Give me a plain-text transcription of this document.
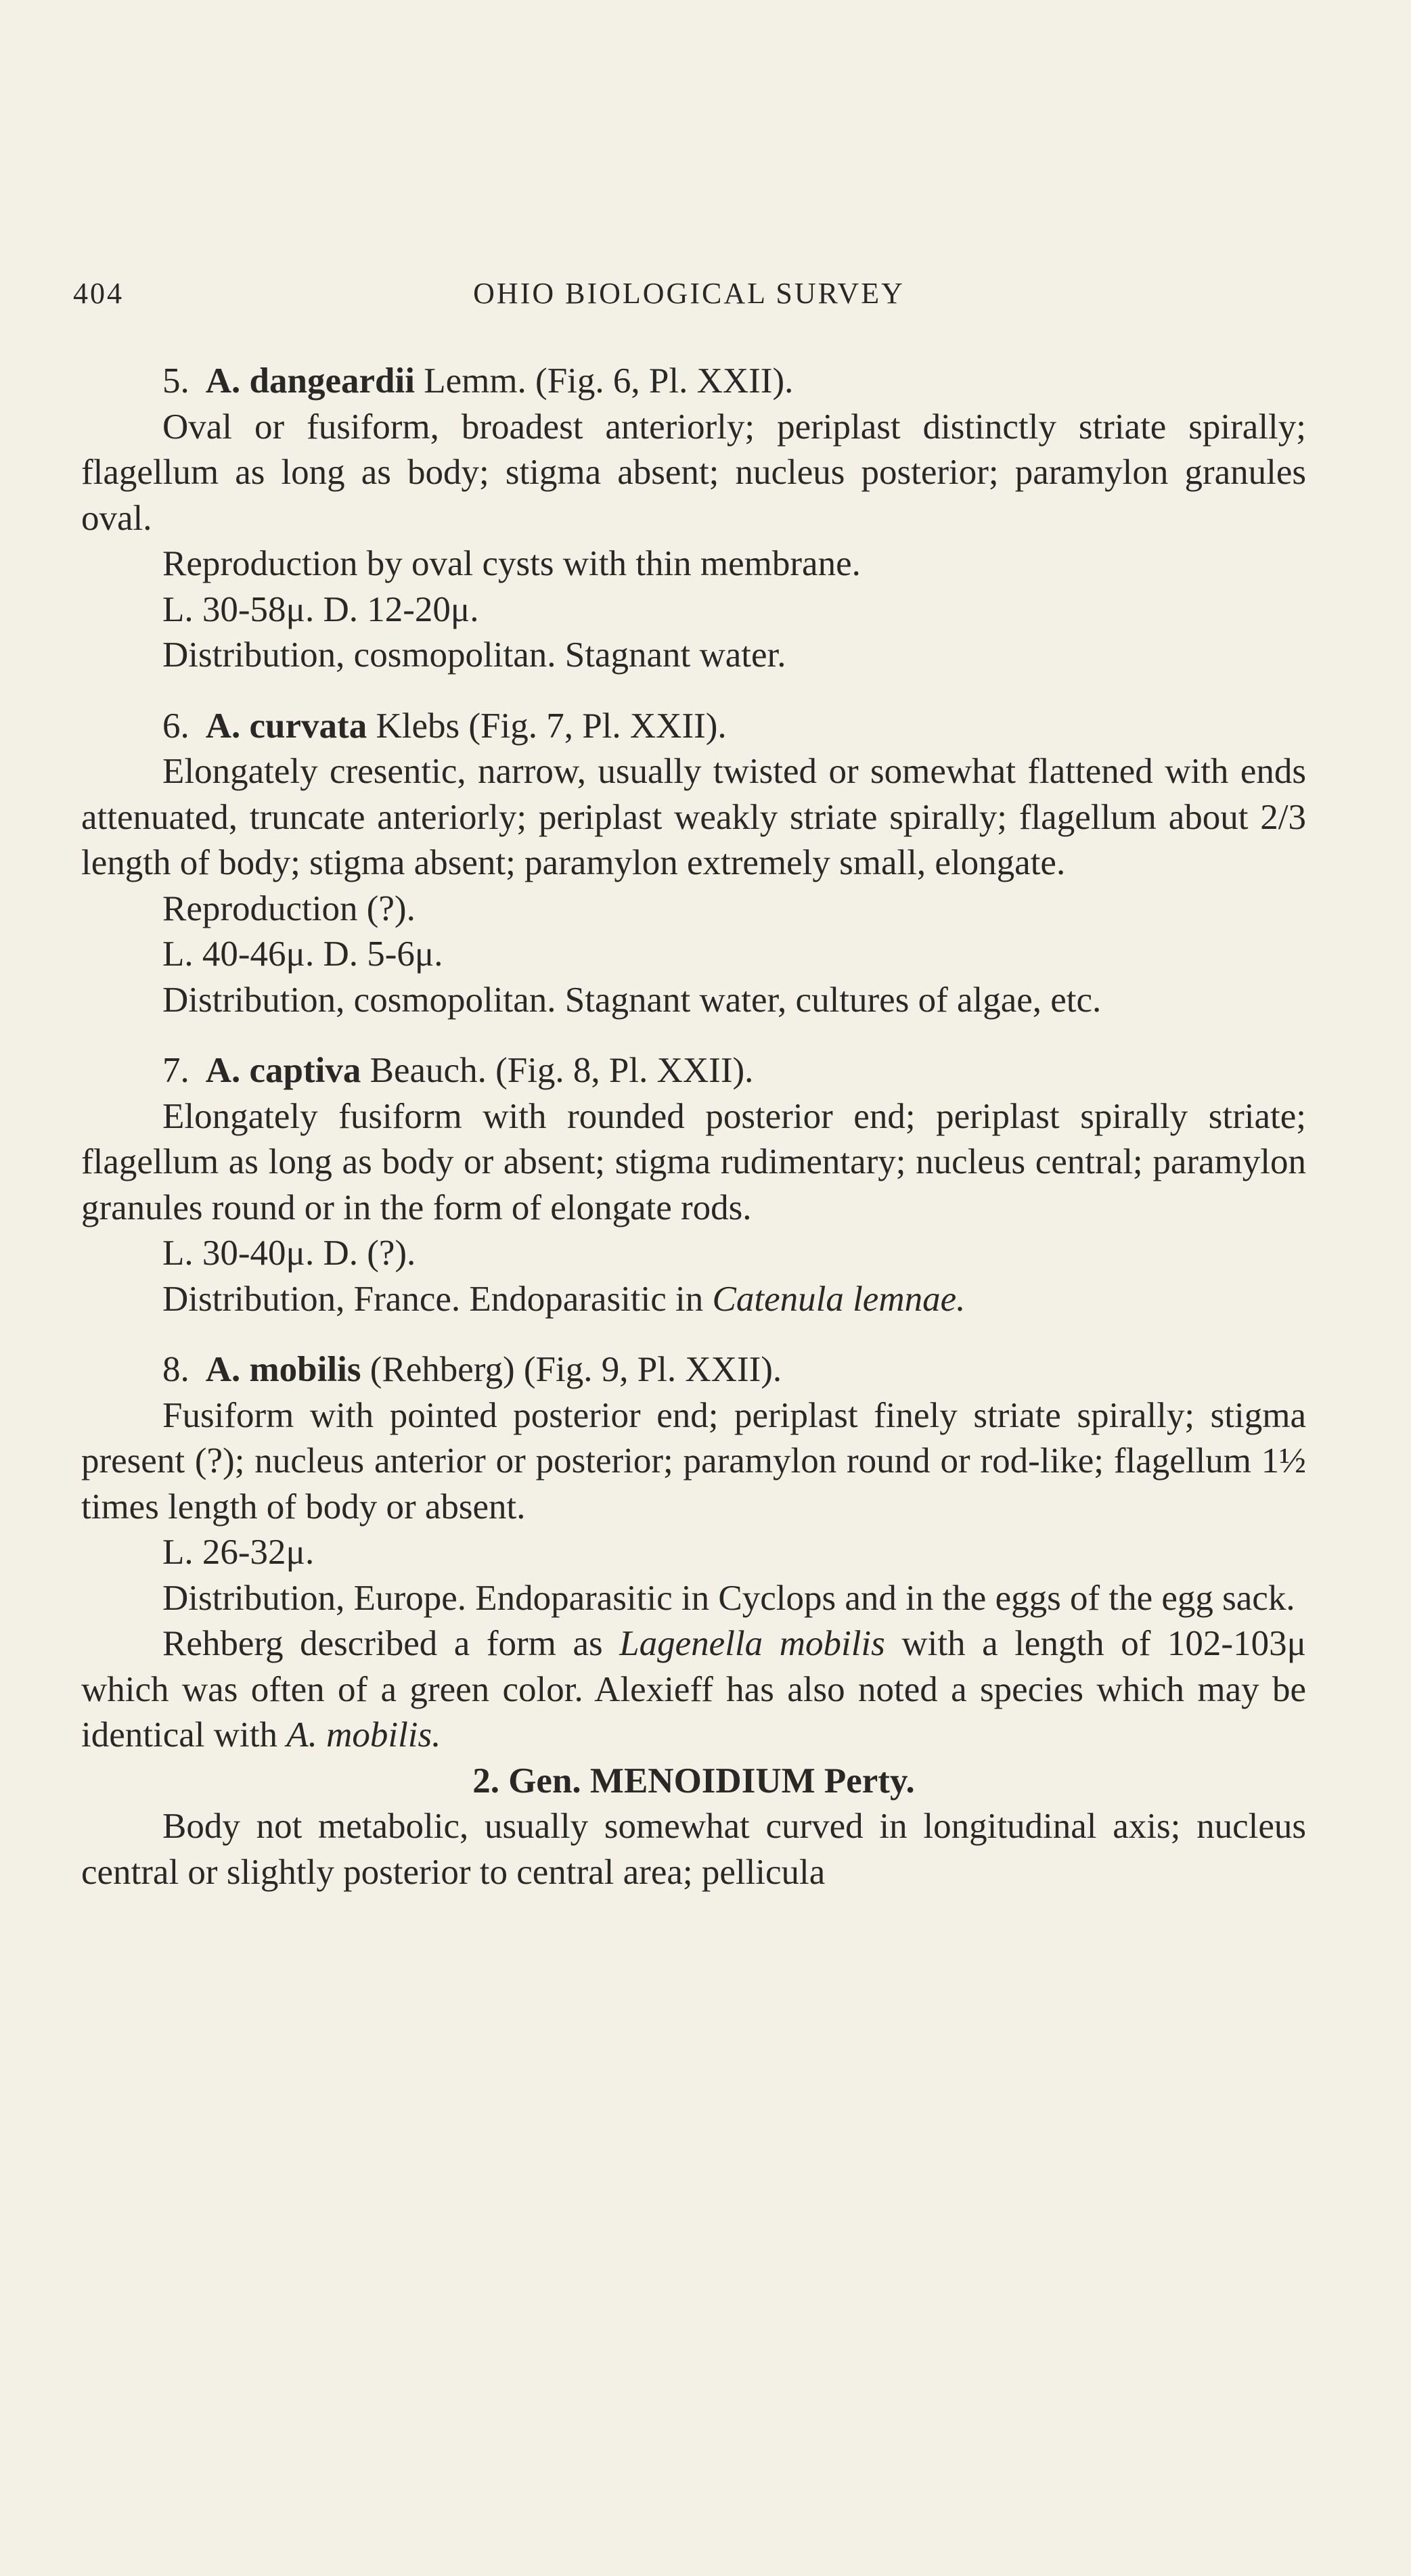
404	OHIO BIOLOGICAL SURVEY

5. A. dangeardii Lemm. (Fig. 6, Pl. XXII).

Oval or fusiform, broadest anteriorly; periplast distinctly striate spirally; flagellum as long as body; stigma absent; nucleus posterior; paramylon granules oval.

Reproduction by oval cysts with thin membrane.

L. 30-58μ. D. 12-20μ.

Distribution, cosmopolitan. Stagnant water.

6. A. curvata Klebs (Fig. 7, Pl. XXII).

Elongately cresentic, narrow, usually twisted or somewhat flattened with ends attenuated, truncate anteriorly; periplast weakly striate spirally; flagellum about 2/3 length of body; stigma absent; paramylon extremely small, elongate.

Reproduction (?).

L. 40-46μ. D. 5-6μ.

Distribution, cosmopolitan. Stagnant water, cultures of algae, etc.

7. A. captiva Beauch. (Fig. 8, Pl. XXII).

Elongately fusiform with rounded posterior end; periplast spirally striate; flagellum as long as body or absent; stigma rudimentary; nucleus central; paramylon granules round or in the form of elongate rods.

L. 30-40μ. D. (?).

Distribution, France. Endoparasitic in Catenula lemnae.

8. A. mobilis (Rehberg) (Fig. 9, Pl. XXII).

Fusiform with pointed posterior end; periplast finely striate spirally; stigma present (?); nucleus anterior or posterior; paramylon round or rod-like; flagellum 1½ times length of body or absent.

L. 26-32μ.

Distribution, Europe. Endoparasitic in Cyclops and in the eggs of the egg sack.

Rehberg described a form as Lagenella mobilis with a length of 102-103μ which was often of a green color. Alexieff has also noted a species which may be identical with A. mobilis.

2. Gen. MENOIDIUM Perty.

Body not metabolic, usually somewhat curved in longitudinal axis; nucleus central or slightly posterior to central area; pellicula
